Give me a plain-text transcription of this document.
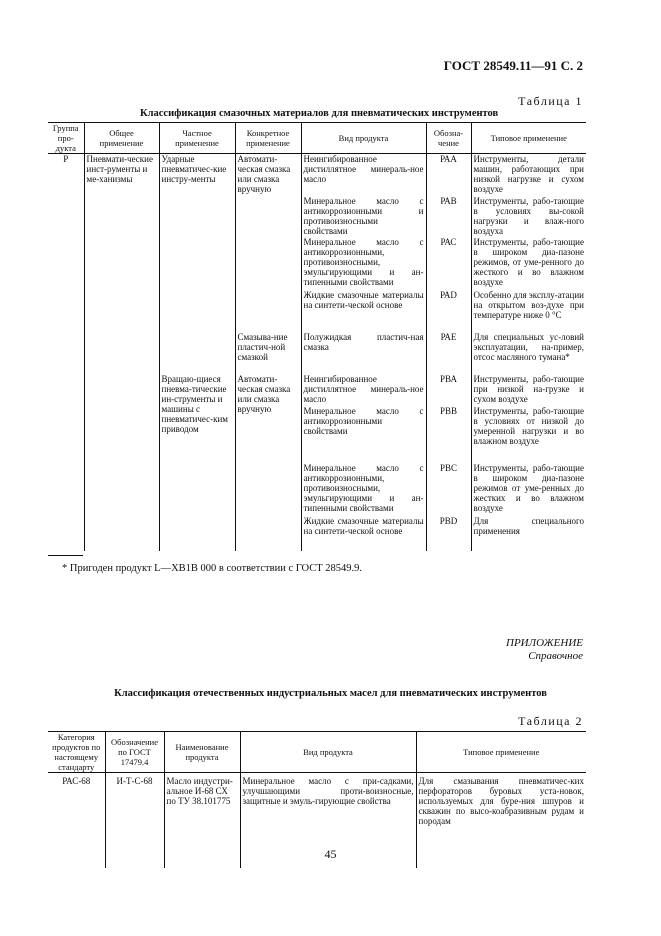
ГОСТ 28549.11—91 С. 2
Таблица 1
Классификация смазочных материалов для пневматических инструментов
Группа про-дукта	Общее применение	Частное применение	Конкретное применение	Вид продукта	Обозна-чение	Типовое применение
Р	Пневмати-ческие инст-рументы и ме-ханизмы	Ударные пневматичес-кие инстру-менты	Автомати-ческая смазка или смазка вручную	Неингибированное дистиллятное минераль-ное масло	РАА	Инструменты, детали машин, работающих при низкой нагрузке и сухом воздухе
				Минеральное масло с антикоррозионными и противоизносными свойствами	РАВ	Инструменты, рабо-тающие в условиях вы-сокой нагрузки и влаж-ного воздуха
				Минеральное масло с антикоррозионными, противоизносными, эмульгирующими и ан-типенными свойствами	РАС	Инструменты, рабо-тающие в широком диа-пазоне режимов, от уме-ренного до жесткого и во влажном воздухе
				Жидкие смазочные материалы на синтети-ческой основе	РАD	Особенно для эксплу-атации на открытом воз-духе при температуре ниже 0 °С
			Смазыва-ние пластич-ной смазкой	Полужидкая пластич-ная смазка	РАЕ	Для специальных ус-ловий эксплуатации, на-пример, отсос масляного тумана*
		Вращаю-щиеся пневма-тические ин-струменты и машины с пневматичес-ким приводом	Автомати-ческая смазка или смазка вручную	Неингибированное дистиллятное минераль-ное масло	РВА	Инструменты, рабо-тающие при низкой на-грузке и сухом воздухе
				Минеральное масло с антикоррозионными свойствами	РВВ	Инструменты, рабо-тающие в условиях от низкой до умеренной нагрузки и во влажном воздухе
				Минеральное масло с антикоррозионными, противоизносными, эмульгирующими и ан-типенными свойствами	РВС	Инструменты, рабо-тающие в широком диа-пазоне режимов от уме-ренных до жестких и во влажном воздухе
				Жидкие смазочные материалы на синтети-ческой основе	PBD	Для специального применения
* Пригоден продукт L—XB1B 000 в соответствии с ГОСТ 28549.9.
ПРИЛОЖЕНИЕ
Справочное
Классификация отечественных индустриальных масел для пневматических инструментов
Таблица 2
Категория продуктов по настоящему стандарту	Обозначение по ГОСТ 17479.4	Наименование продукта	Вид продукта	Типовое применение
РАС-68	И-Т-С-68	Масло индустри-альное И-68 СХ по ТУ 38.101775	Минеральное масло с при-садками, улучшающими проти-воизносные, защитные и эмуль-гирующие свойства	Для смазывания пневматичес-ких перфораторов буровых уста-новок, используемых для буре-ния шпуров и скважин по высо-коабразивным рудам и породам
45
